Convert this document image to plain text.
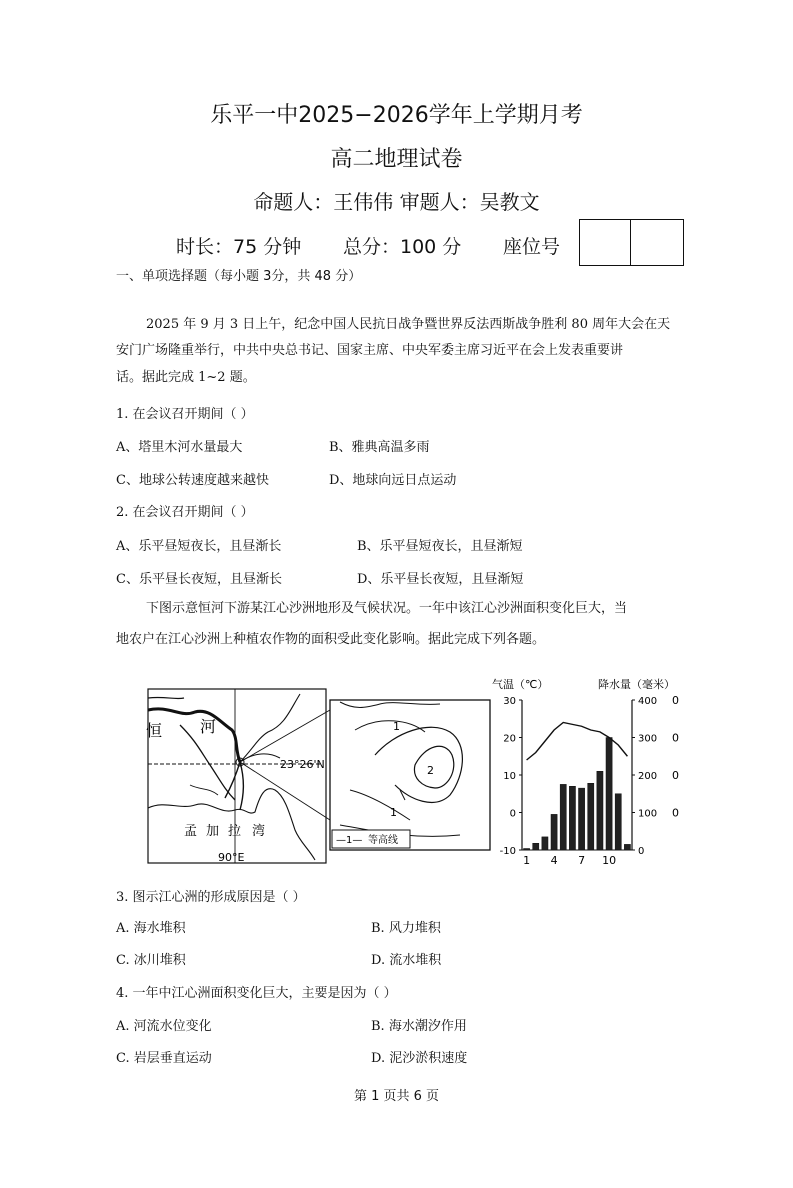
乐平一中2025−2026学年上学期月考
高二地理试卷
命题人：王伟伟 审题人：吴教文
时长：75 分钟 总分：100 分 座位号
一、单项选择题（每小题 3分，共 48 分）
2025 年 9 月 3 日上午，纪念中国人民抗日战争暨世界反法西斯战争胜利 80 周年大会在天
安门广场隆重举行，中共中央总书记、国家主席、中央军委主席习近平在会上发表重要讲
话。据此完成 1~2 题。
1. 在会议召开期间（ ）
A、塔里木河水量最大	B、雅典高温多雨
C、地球公转速度越来越快	D、地球向远日点运动
2. 在会议召开期间（ ）
A、乐平昼短夜长，且昼渐长	B、乐平昼短夜长，且昼渐短
C、乐平昼长夜短，且昼渐长	D、乐平昼长夜短，且昼渐短
下图示意恒河下游某江心沙洲地形及气候状况。一年中该江心沙洲面积变化巨大，当
地农户在江心沙洲上种植农作物的面积受此变化影响。据此完成下列各题。
恒 河
23°26'N
90°E
孟 加 拉 湾
1
1
2
—1— 等高线
气温（℃）	降水量（毫米）
30
20
10
0
-10
400
300
200
100
0
0
0
0
0
1 4 7 10
3. 图示江心洲的形成原因是（ ）
A. 海水堆积	B. 风力堆积
C. 冰川堆积	D. 流水堆积
4. 一年中江心洲面积变化巨大，主要是因为（ ）
A. 河流水位变化	B. 海水潮汐作用
C. 岩层垂直运动	D. 泥沙淤积速度
第 1 页共 6 页
